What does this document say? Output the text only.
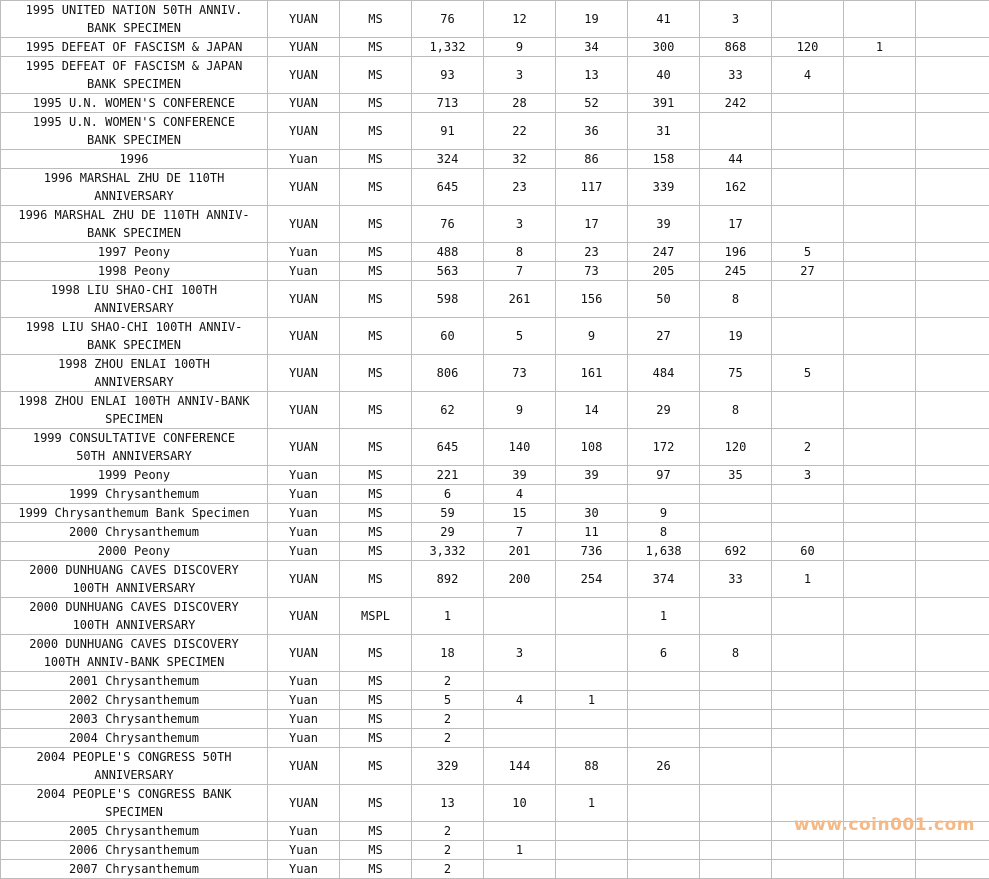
1995 UNITED NATION 50TH ANNIV.
BANK SPECIMEN	YUAN	MS	76	12	19	41	3			
1995 DEFEAT OF FASCISM & JAPAN	YUAN	MS	1,332	9	34	300	868	120	1	
1995 DEFEAT OF FASCISM & JAPAN
BANK SPECIMEN	YUAN	MS	93	3	13	40	33	4		
1995 U.N. WOMEN'S CONFERENCE	YUAN	MS	713	28	52	391	242			
1995 U.N. WOMEN'S CONFERENCE
BANK SPECIMEN	YUAN	MS	91	22	36	31				
1996	Yuan	MS	324	32	86	158	44			
1996 MARSHAL ZHU DE 110TH
ANNIVERSARY	YUAN	MS	645	23	117	339	162			
1996 MARSHAL ZHU DE 110TH ANNIV-
BANK SPECIMEN	YUAN	MS	76	3	17	39	17			
1997 Peony	Yuan	MS	488	8	23	247	196	5		
1998 Peony	Yuan	MS	563	7	73	205	245	27		
1998 LIU SHAO-CHI 100TH
ANNIVERSARY	YUAN	MS	598	261	156	50	8			
1998 LIU SHAO-CHI 100TH ANNIV-
BANK SPECIMEN	YUAN	MS	60	5	9	27	19			
1998 ZHOU ENLAI 100TH
ANNIVERSARY	YUAN	MS	806	73	161	484	75	5		
1998 ZHOU ENLAI 100TH ANNIV-BANK
SPECIMEN	YUAN	MS	62	9	14	29	8			
1999 CONSULTATIVE CONFERENCE
50TH ANNIVERSARY	YUAN	MS	645	140	108	172	120	2		
1999 Peony	Yuan	MS	221	39	39	97	35	3		
1999 Chrysanthemum	Yuan	MS	6	4						
1999 Chrysanthemum Bank Specimen	Yuan	MS	59	15	30	9				
2000 Chrysanthemum	Yuan	MS	29	7	11	8				
2000 Peony	Yuan	MS	3,332	201	736	1,638	692	60		
2000 DUNHUANG CAVES DISCOVERY
100TH ANNIVERSARY	YUAN	MS	892	200	254	374	33	1		
2000 DUNHUANG CAVES DISCOVERY
100TH ANNIVERSARY	YUAN	MSPL	1			1				
2000 DUNHUANG CAVES DISCOVERY
100TH ANNIV-BANK SPECIMEN	YUAN	MS	18	3		6	8			
2001 Chrysanthemum	Yuan	MS	2							
2002 Chrysanthemum	Yuan	MS	5	4	1					
2003 Chrysanthemum	Yuan	MS	2							
2004 Chrysanthemum	Yuan	MS	2							
2004 PEOPLE'S CONGRESS 50TH
ANNIVERSARY	YUAN	MS	329	144	88	26				
2004 PEOPLE'S CONGRESS BANK
SPECIMEN	YUAN	MS	13	10	1					
2005 Chrysanthemum	Yuan	MS	2							
2006 Chrysanthemum	Yuan	MS	2	1						
2007 Chrysanthemum	Yuan	MS	2							
www.coin001.com
